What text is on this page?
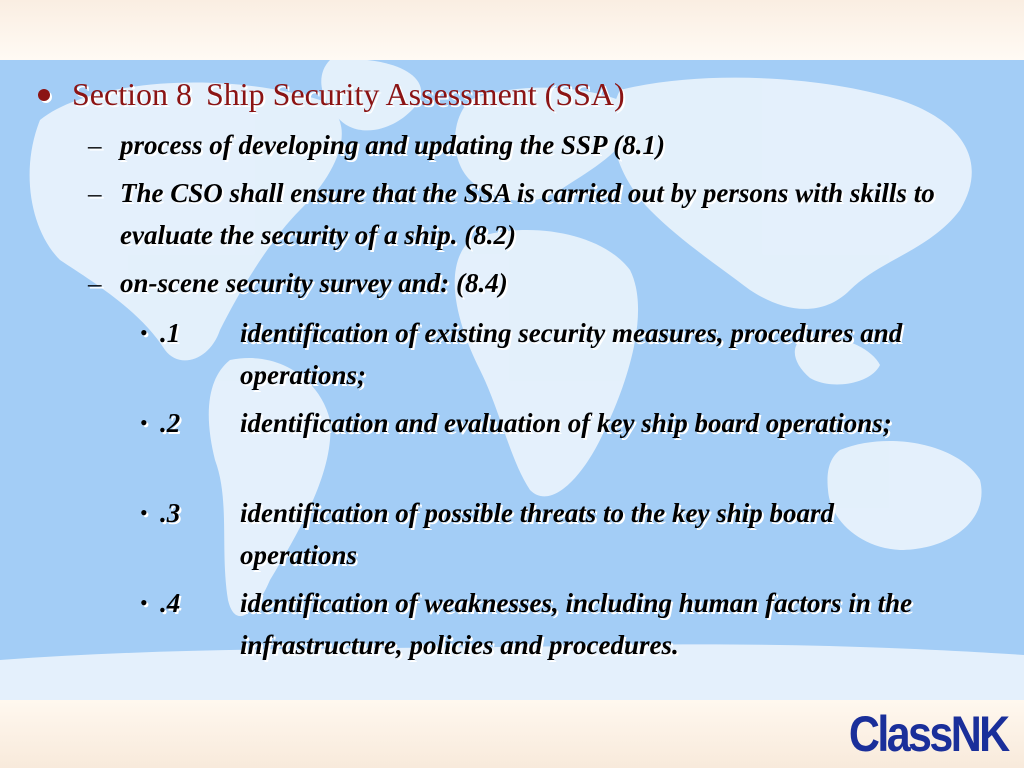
ClassNK
Section 8 Ship Security Assessment (SSA)
– process of developing and updating the SSP (8.1)
– The CSO shall ensure that the SSA is carried out by persons with skills to evaluate the security of a ship. (8.2)
– on-scene security survey and: (8.4)
• .1 identification of existing security measures, procedures and operations;
• .2 identification and evaluation of key ship board operations;
• .3 identification of possible threats to the key ship board operations
• .4 identification of weaknesses, including human factors in the infrastructure, policies and procedures.
